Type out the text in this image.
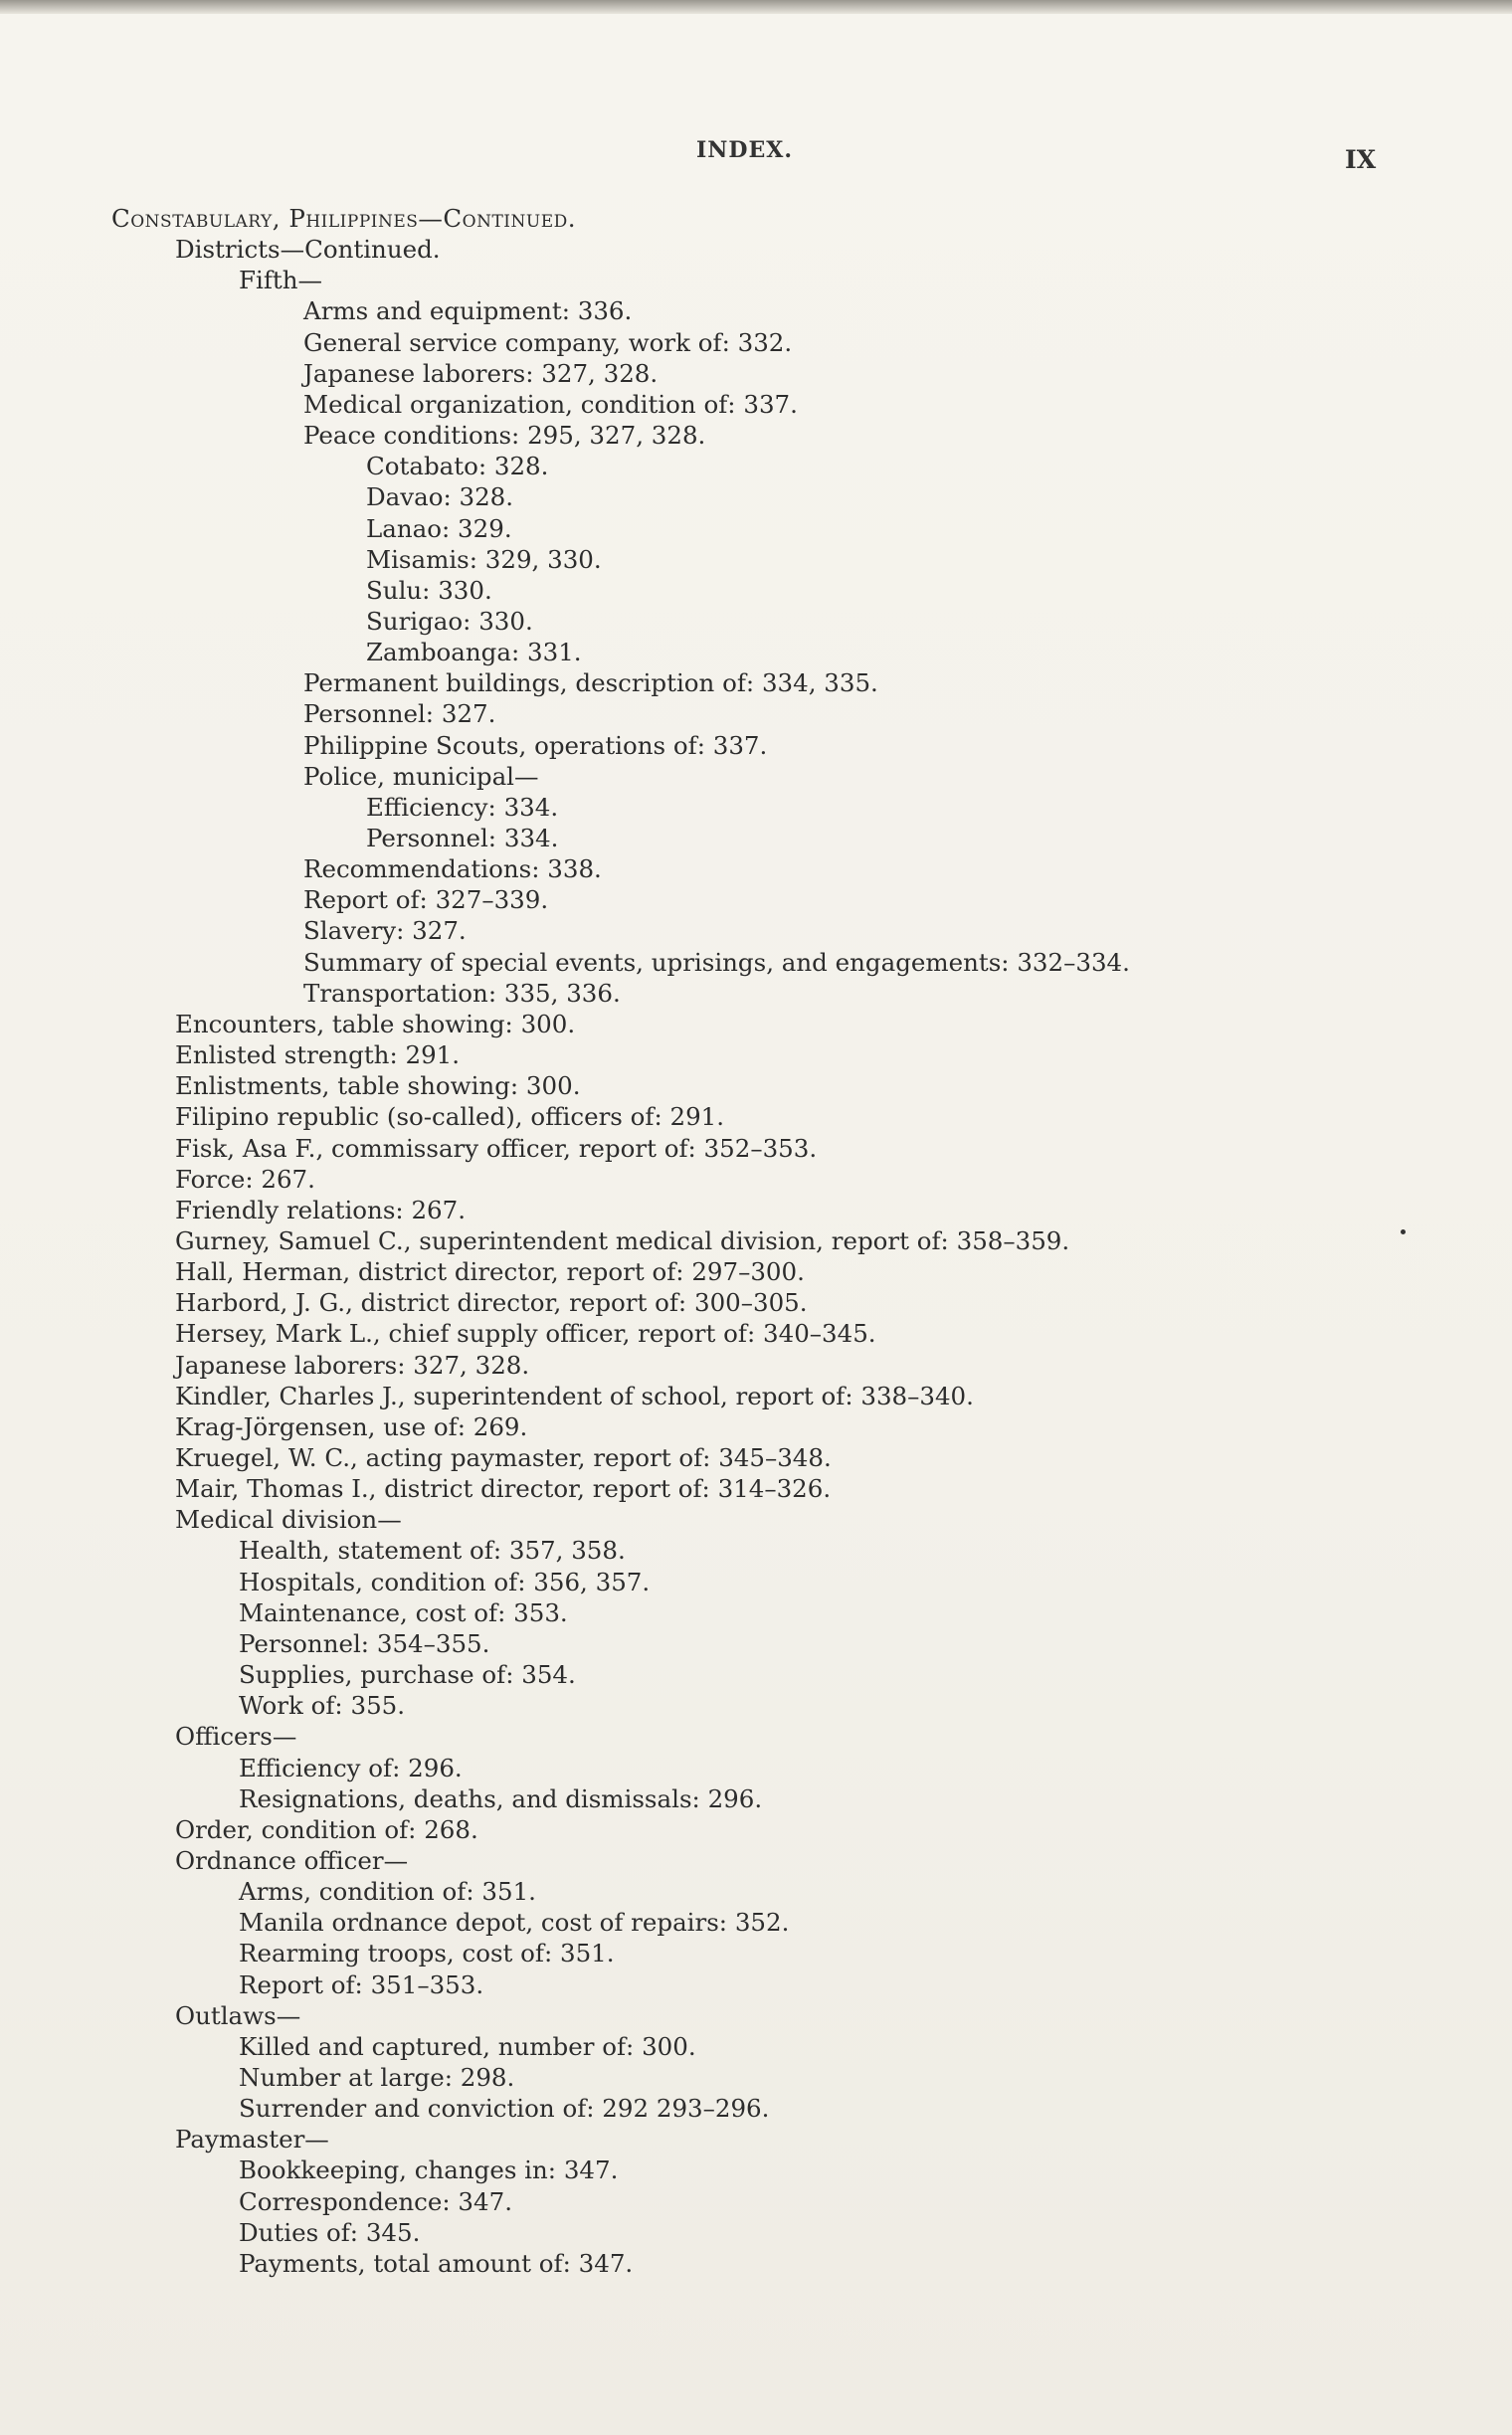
INDEX.	IX
Constabulary, Philippines—Continued.
Districts—Continued.
Fifth—
Arms and equipment: 336.
General service company, work of: 332.
Japanese laborers: 327, 328.
Medical organization, condition of: 337.
Peace conditions: 295, 327, 328.
Cotabato: 328.
Davao: 328.
Lanao: 329.
Misamis: 329, 330.
Sulu: 330.
Surigao: 330.
Zamboanga: 331.
Permanent buildings, description of: 334, 335.
Personnel: 327.
Philippine Scouts, operations of: 337.
Police, municipal—
Efficiency: 334.
Personnel: 334.
Recommendations: 338.
Report of: 327–339.
Slavery: 327.
Summary of special events, uprisings, and engagements: 332–334.
Transportation: 335, 336.
Encounters, table showing: 300.
Enlisted strength: 291.
Enlistments, table showing: 300.
Filipino republic (so-called), officers of: 291.
Fisk, Asa F., commissary officer, report of: 352–353.
Force: 267.
Friendly relations: 267.
Gurney, Samuel C., superintendent medical division, report of: 358–359.
Hall, Herman, district director, report of: 297–300.
Harbord, J. G., district director, report of: 300–305.
Hersey, Mark L., chief supply officer, report of: 340–345.
Japanese laborers: 327, 328.
Kindler, Charles J., superintendent of school, report of: 338–340.
Krag-Jörgensen, use of: 269.
Kruegel, W. C., acting paymaster, report of: 345–348.
Mair, Thomas I., district director, report of: 314–326.
Medical division—
Health, statement of: 357, 358.
Hospitals, condition of: 356, 357.
Maintenance, cost of: 353.
Personnel: 354–355.
Supplies, purchase of: 354.
Work of: 355.
Officers—
Efficiency of: 296.
Resignations, deaths, and dismissals: 296.
Order, condition of: 268.
Ordnance officer—
Arms, condition of: 351.
Manila ordnance depot, cost of repairs: 352.
Rearming troops, cost of: 351.
Report of: 351–353.
Outlaws—
Killed and captured, number of: 300.
Number at large: 298.
Surrender and conviction of: 292 293–296.
Paymaster—
Bookkeeping, changes in: 347.
Correspondence: 347.
Duties of: 345.
Payments, total amount of: 347.
